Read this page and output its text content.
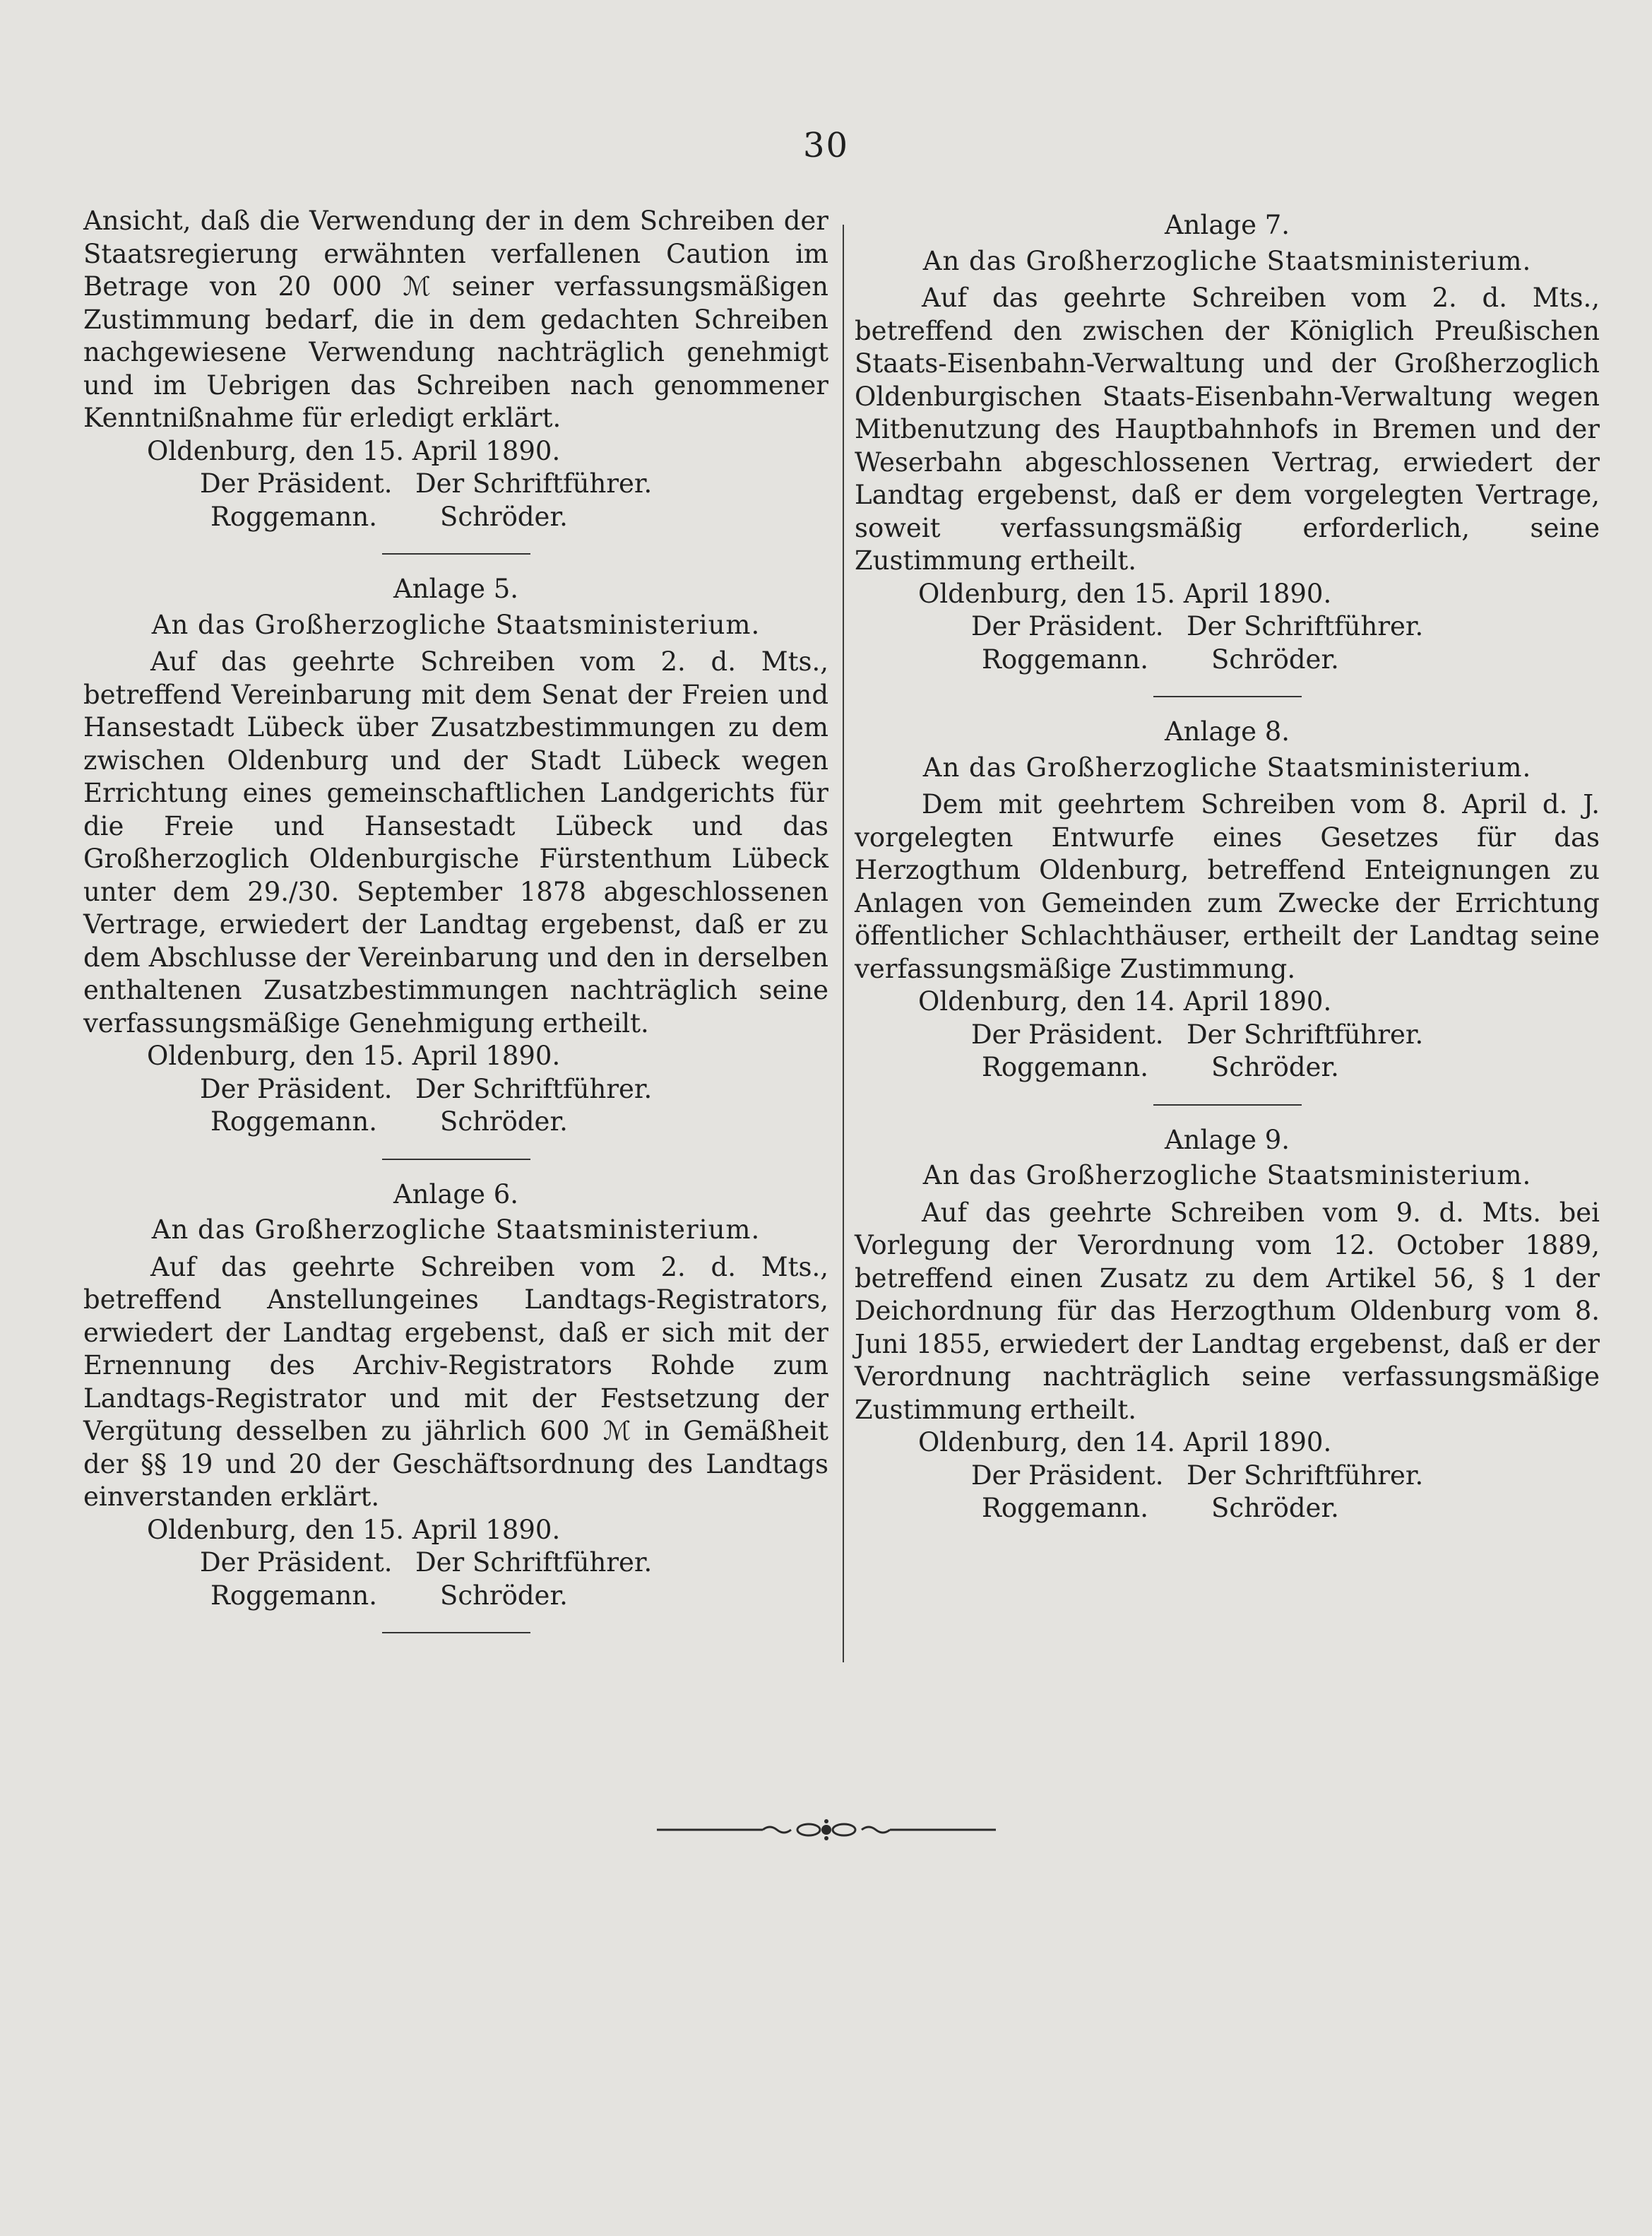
30

Ansicht, daß die Verwendung der in dem Schreiben der Staatsregierung erwähnten verfallenen Caution im Betrage von 20 000 ℳ seiner verfassungsmäßigen Zustimmung bedarf, die in dem gedachten Schreiben nachgewiesene Verwendung nachträglich genehmigt und im Uebrigen das Schreiben nach genommener Kenntnißnahme für erledigt erklärt.

Oldenburg, den 15. April 1890.

Der Präsident. Der Schriftführer.
Roggemann.	Schröder.
Anlage 5.
An das Großherzogliche Staatsministerium.

Auf das geehrte Schreiben vom 2. d. Mts., betreffend Vereinbarung mit dem Senat der Freien und Hansestadt Lübeck über Zusatzbestimmungen zu dem zwischen Oldenburg und der Stadt Lübeck wegen Errichtung eines gemeinschaftlichen Landgerichts für die Freie und Hansestadt Lübeck und das Großherzoglich Oldenburgische Fürstenthum Lübeck unter dem 29./30. September 1878 abgeschlossenen Vertrage, erwiedert der Landtag ergebenst, daß er zu dem Abschlusse der Vereinbarung und den in derselben enthaltenen Zusatzbestimmungen nachträglich seine verfassungsmäßige Genehmigung ertheilt.

Oldenburg, den 15. April 1890.

Der Präsident. Der Schriftführer.
Roggemann.	Schröder.
Anlage 6.
An das Großherzogliche Staatsministerium.

Auf das geehrte Schreiben vom 2. d. Mts., betreffend Anstellungeines Landtags-Registrators, erwiedert der Landtag ergebenst, daß er sich mit der Ernennung des Archiv-Registrators Rohde zum Landtags-Registrator und mit der Festsetzung der Vergütung desselben zu jährlich 600 ℳ in Gemäßheit der §§ 19 und 20 der Geschäftsordnung des Landtags einverstanden erklärt.

Oldenburg, den 15. April 1890.

Der Präsident. Der Schriftführer.
Roggemann.	Schröder.
Anlage 7.
An das Großherzogliche Staatsministerium.

Auf das geehrte Schreiben vom 2. d. Mts., betreffend den zwischen der Königlich Preußischen Staats-Eisenbahn-Verwaltung und der Großherzoglich Oldenburgischen Staats-Eisenbahn-Verwaltung wegen Mitbenutzung des Hauptbahnhofs in Bremen und der Weserbahn abgeschlossenen Vertrag, erwiedert der Landtag ergebenst, daß er dem vorgelegten Vertrage, soweit verfassungsmäßig erforderlich, seine Zustimmung ertheilt.

Oldenburg, den 15. April 1890.

Der Präsident. Der Schriftführer.
Roggemann.	Schröder.
Anlage 8.
An das Großherzogliche Staatsministerium.

Dem mit geehrtem Schreiben vom 8. April d. J. vorgelegten Entwurfe eines Gesetzes für das Herzogthum Oldenburg, betreffend Enteignungen zu Anlagen von Gemeinden zum Zwecke der Errichtung öffentlicher Schlachthäuser, ertheilt der Landtag seine verfassungsmäßige Zustimmung.

Oldenburg, den 14. April 1890.

Der Präsident. Der Schriftführer.
Roggemann.	Schröder.
Anlage 9.
An das Großherzogliche Staatsministerium.

Auf das geehrte Schreiben vom 9. d. Mts. bei Vorlegung der Verordnung vom 12. October 1889, betreffend einen Zusatz zu dem Artikel 56, § 1 der Deichordnung für das Herzogthum Oldenburg vom 8. Juni 1855, erwiedert der Landtag ergebenst, daß er der Verordnung nachträglich seine verfassungsmäßige Zustimmung ertheilt.

Oldenburg, den 14. April 1890.

Der Präsident. Der Schriftführer.
Roggemann.	Schröder.
